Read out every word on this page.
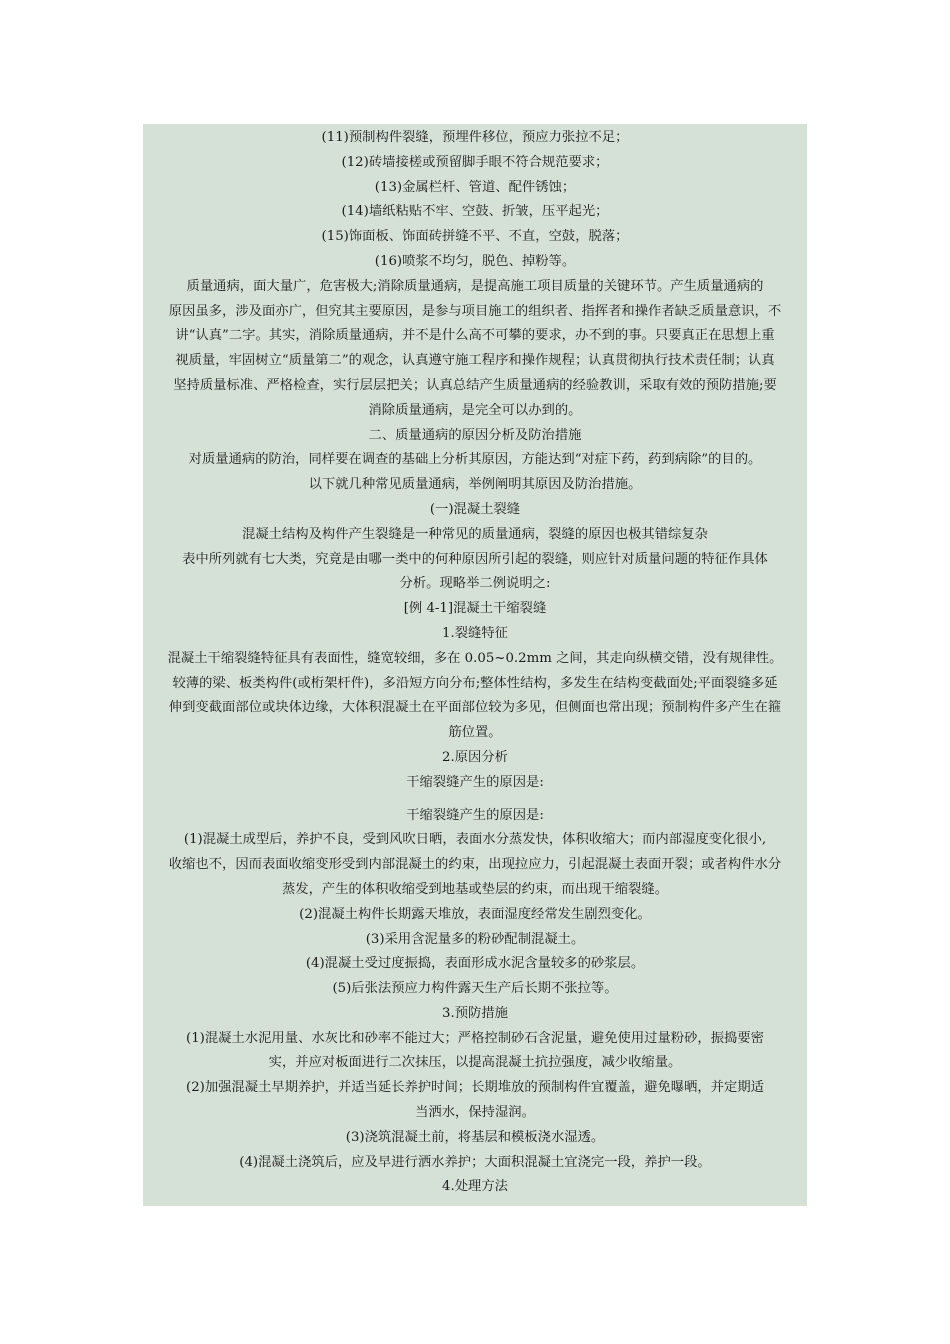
(11)预制构件裂缝，预埋件移位，预应力张拉不足；

(12)砖墙接槎或预留脚手眼不符合规范要求；

(13)金属栏杆、管道、配件锈蚀；

(14)墙纸粘贴不牢、空鼓、折皱，压平起光；

(15)饰面板、饰面砖拼缝不平、不直，空鼓，脱落；

(16)喷浆不均匀，脱色、掉粉等。

质量通病，面大量广，危害极大;消除质量通病，是提高施工项目质量的关键环节。产生质量通病的

原因虽多，涉及面亦广，但究其主要原因，是参与项目施工的组织者、指挥者和操作者缺乏质量意识，不

讲“认真”二字。其实，消除质量通病，并不是什么高不可攀的要求，办不到的事。只要真正在思想上重

视质量，牢固树立“质量第二”的观念，认真遵守施工程序和操作规程；认真贯彻执行技术责任制；认真

坚持质量标准、严格检查，实行层层把关；认真总结产生质量通病的经验教训，采取有效的预防措施;要

消除质量通病，是完全可以办到的。

二、质量通病的原因分析及防治措施

对质量通病的防治，同样要在调查的基础上分析其原因，方能达到“对症下药，药到病除”的目的。

以下就几种常见质量通病，举例阐明其原因及防治措施。

(一)混凝土裂缝

混凝土结构及构件产生裂缝是一种常见的质量通病，裂缝的原因也极其错综复杂

表中所列就有七大类，究竟是由哪一类中的何种原因所引起的裂缝，则应针对质量问题的特征作具体

分析。现略举二例说明之:

[例 4-1]混凝土干缩裂缝

1.裂缝特征

混凝土干缩裂缝特征具有表面性，缝宽较细，多在 0.05~0.2mm 之间，其走向纵横交错，没有规律性。

较薄的梁、板类构件(或桁架杆件)，多沿短方向分布;整体性结构，多发生在结构变截面处;平面裂缝多延

伸到变截面部位或块体边缘，大体积混凝土在平面部位较为多见，但侧面也常出现；预制构件多产生在箍

筋位置。

2.原因分析

干缩裂缝产生的原因是:

干缩裂缝产生的原因是:

(1)混凝土成型后，养护不良，受到风吹日晒，表面水分蒸发快，体积收缩大；而内部湿度变化很小,

收缩也不，因而表面收缩变形受到内部混凝土的约束，出现拉应力，引起混凝土表面开裂；或者构件水分

蒸发，产生的体积收缩受到地基或垫层的约束，而出现干缩裂缝。

(2)混凝土构件长期露天堆放，表面湿度经常发生剧烈变化。

(3)采用含泥量多的粉砂配制混凝土。

(4)混凝土受过度振捣，表面形成水泥含量较多的砂浆层。

(5)后张法预应力构件露天生产后长期不张拉等。

3.预防措施

(1)混凝土水泥用量、水灰比和砂率不能过大；严格控制砂石含泥量，避免使用过量粉砂，振捣要密

实，并应对板面进行二次抹压，以提高混凝土抗拉强度，减少收缩量。

(2)加强混凝土早期养护，并适当延长养护时间；长期堆放的预制构件宜覆盖，避免曝晒，并定期适

当洒水，保持湿润。

(3)浇筑混凝土前，将基层和模板浇水湿透。

(4)混凝土浇筑后，应及早进行洒水养护；大面积混凝土宜浇完一段，养护一段。

4.处理方法
